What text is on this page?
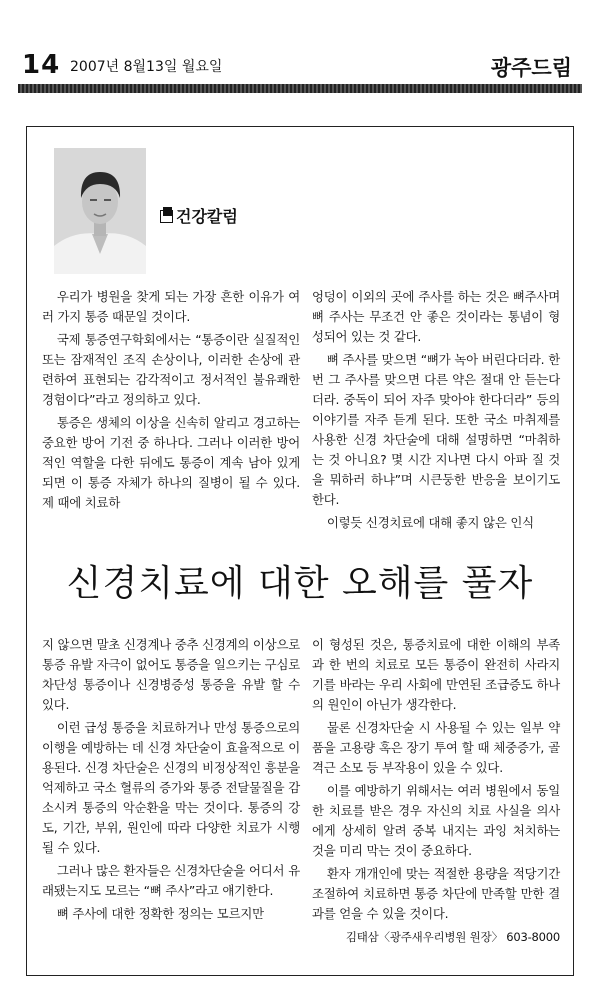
14 2007년 8월13일 월요일	광주드림
건강칼럼

우리가 병원을 찾게 되는 가장 흔한 이유가 여러 가지 통증 때문일 것이다.

국제 통증연구학회에서는 “통증이란 실질적인 또는 잠재적인 조직 손상이나, 이러한 손상에 관련하여 표현되는 감각적이고 정서적인 불유쾌한 경험이다”라고 정의하고 있다.

통증은 생체의 이상을 신속히 알리고 경고하는 중요한 방어 기전 중 하나다. 그러나 이러한 방어적인 역할을 다한 뒤에도 통증이 계속 남아 있게 되면 이 통증 자체가 하나의 질병이 될 수 있다. 제 때에 치료하

엉덩이 이외의 곳에 주사를 하는 것은 뼈주사며 뼈 주사는 무조건 안 좋은 것이라는 통념이 형성되어 있는 것 같다.

뼈 주사를 맞으면 “뼈가 녹아 버린다더라. 한 번 그 주사를 맞으면 다른 약은 절대 안 듣는다더라. 중독이 되어 자주 맞아야 한다더라” 등의 이야기를 자주 듣게 된다. 또한 국소 마취제를 사용한 신경 차단술에 대해 설명하면 “마취하는 것 아니요? 몇 시간 지나면 다시 아파 질 것을 뭐하러 하냐”며 시큰둥한 반응을 보이기도 한다.

이렇듯 신경치료에 대해 좋지 않은 인식

신경치료에 대한 오해를 풀자

지 않으면 말초 신경계나 중추 신경계의 이상으로 통증 유발 자극이 없어도 통증을 일으키는 구심로 차단성 통증이나 신경병증성 통증을 유발 할 수 있다.

이런 급성 통증을 치료하거나 만성 통증으로의 이행을 예방하는 데 신경 차단술이 효율적으로 이용된다. 신경 차단술은 신경의 비정상적인 흥분을 억제하고 국소 혈류의 증가와 통증 전달물질을 감소시켜 통증의 악순환을 막는 것이다. 통증의 강도, 기간, 부위, 원인에 따라 다양한 치료가 시행될 수 있다.

그러나 많은 환자들은 신경차단술을 어디서 유래됐는지도 모르는 “뼈 주사”라고 얘기한다.

뼈 주사에 대한 정확한 정의는 모르지만

이 형성된 것은, 통증치료에 대한 이해의 부족과 한 번의 치료로 모든 통증이 완전히 사라지기를 바라는 우리 사회에 만연된 조급증도 하나의 원인이 아닌가 생각한다.

물론 신경차단술 시 사용될 수 있는 일부 약품을 고용량 혹은 장기 투여 할 때 체중증가, 골격근 소모 등 부작용이 있을 수 있다.

이를 예방하기 위해서는 여러 병원에서 동일한 치료를 받은 경우 자신의 치료 사실을 의사에게 상세히 알려 중복 내지는 과잉 처치하는 것을 미리 막는 것이 중요하다.

환자 개개인에 맞는 적절한 용량을 적당기간 조절하여 치료하면 통증 차단에 만족할 만한 결과를 얻을 수 있을 것이다.

김태삼〈광주새우리병원 원장〉 603-8000
